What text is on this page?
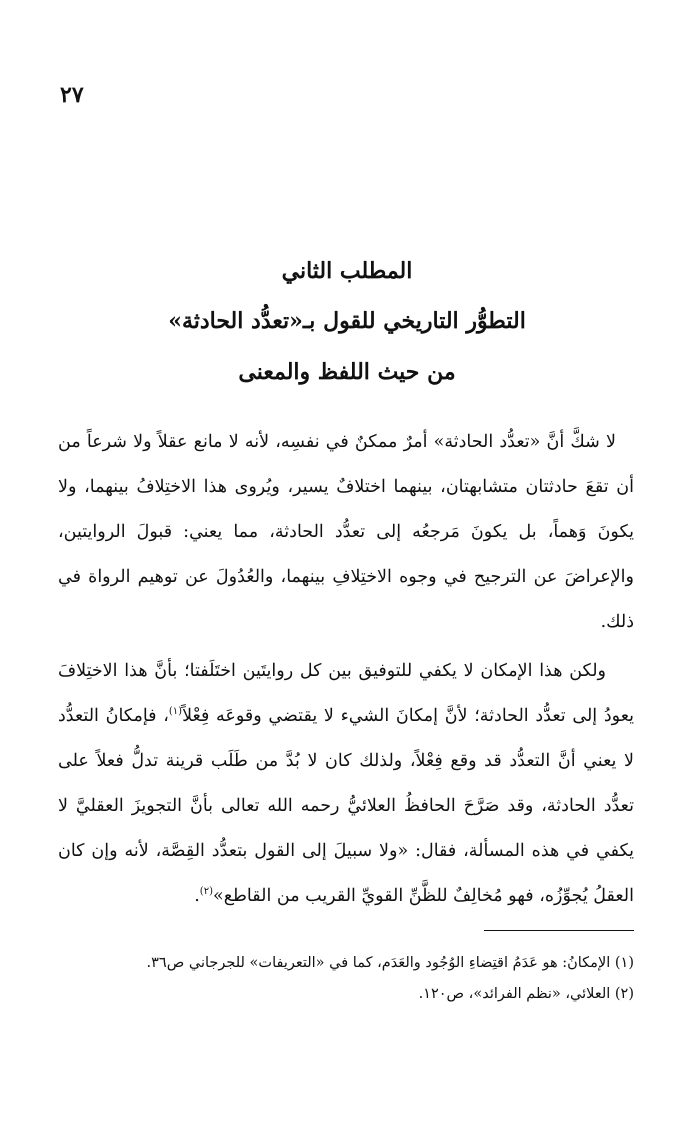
٢٧
المطلب الثاني
التطوُّر التاريخي للقول بـ«تعدُّد الحادثة»
من حيث اللفظ والمعنى

لا شكَّ أنَّ «تعدُّد الحادثة» أمرٌ ممكنٌ في نفسِه، لأنه لا مانع عقلاً ولا شرعاً من أن تقعَ حادثتان متشابهتان، بينهما اختلافٌ يسير، ويُروى هذا الاختِلافُ بينهما، ولا يكونَ وَهماً، بل يكونَ مَرجعُه إلى تعدُّد الحادثة، مما يعني: قبولَ الروايتين، والإعراضَ عن الترجيح في وجوه الاختِلافِ بينهما، والعُدُولَ عن توهيم الرواة في ذلك.

ولكن هذا الإمكان لا يكفي للتوفيق بين كل روايتَين اختَلَفتا؛ بأنَّ هذا الاختِلافَ يعودُ إلى تعدُّد الحادثة؛ لأنَّ إمكانَ الشيء لا يقتضي وقوعَه فِعْلاً$^{(١)}$، فإمكانُ التعدُّد لا يعني أنَّ التعدُّد قد وقع فِعْلاً، ولذلك كان لا بُدَّ من طَلَب قرينة تدلُّ فعلاً على تعدُّد الحادثة، وقد صَرَّحَ الحافظُ العلائيُّ رحمه الله تعالى بأنَّ التجويزَ العقليَّ لا يكفي في هذه المسألة، فقال: «ولا سبيلَ إلى القول بتعدُّد القِصَّة، لأنه وإن كان العقلُ يُجوِّزُه، فهو مُخالِفٌ للظَّنِّ القويِّ القريب من القاطع»$^{(٢)}$.

(١) الإمكانُ: هو عَدَمُ اقتِضاءِ الوُجُود والعَدَم، كما في «التعريفات» للجرجاني ص٣٦.

(٢) العلائي، «نظم الفرائد»، ص١٢٠.
